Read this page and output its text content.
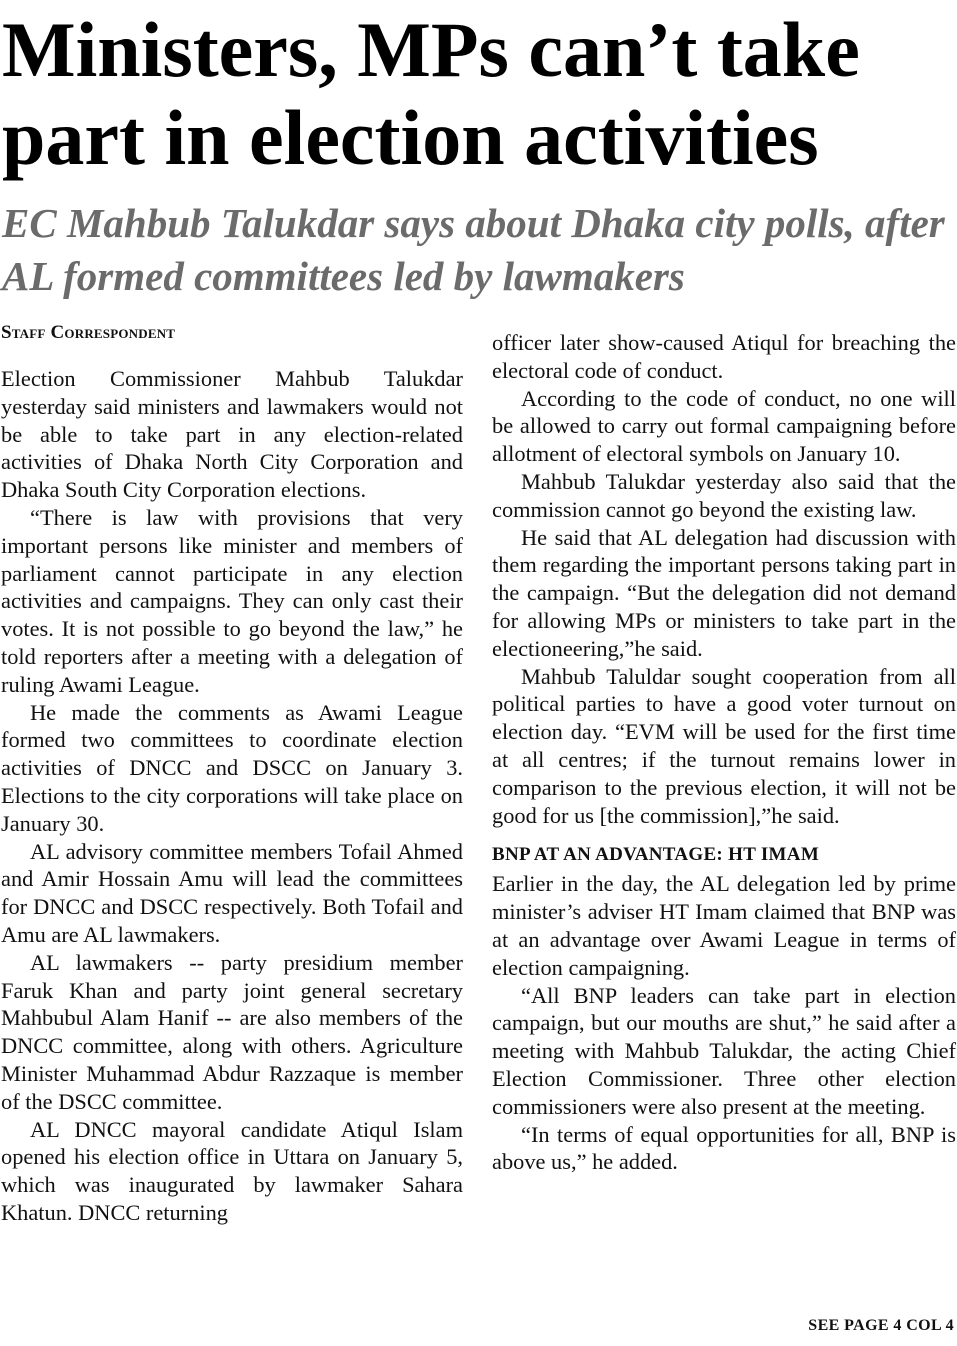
Ministers, MPs can’t take part in election activities
EC Mahbub Talukdar says about Dhaka city polls, after AL formed committees led by lawmakers
Staff Correspondent

Election Commissioner Mahbub Talukdar yesterday said ministers and lawmakers would not be able to take part in any election-related activities of Dhaka North City Corporation and Dhaka South City Corporation elections.

“There is law with provisions that very important persons like minister and members of parliament cannot participate in any election activities and campaigns. They can only cast their votes. It is not possible to go beyond the law,” he told reporters after a meeting with a delegation of ruling Awami League.

He made the comments as Awami League formed two committees to coordinate election activities of DNCC and DSCC on January 3. Elections to the city corporations will take place on January 30.

AL advisory committee members Tofail Ahmed and Amir Hossain Amu will lead the committees for DNCC and DSCC respectively. Both Tofail and Amu are AL lawmakers.

AL lawmakers -- party presidium member Faruk Khan and party joint general secretary Mahbubul Alam Hanif -- are also members of the DNCC committee, along with others. Agriculture Minister Muhammad Abdur Razzaque is member of the DSCC committee.

AL DNCC mayoral candidate Atiqul Islam opened his election office in Uttara on January 5, which was inaugurated by lawmaker Sahara Khatun. DNCC returning

officer later show-caused Atiqul for breaching the electoral code of conduct.

According to the code of conduct, no one will be allowed to carry out formal campaigning before allotment of electoral symbols on January 10.

Mahbub Talukdar yesterday also said that the commission cannot go beyond the existing law.

He said that AL delegation had discussion with them regarding the important persons taking part in the campaign. “But the delegation did not demand for allowing MPs or ministers to take part in the electioneering,”he said.

Mahbub Taluldar sought cooperation from all political parties to have a good voter turnout on election day. “EVM will be used for the first time at all centres; if the turnout remains lower in comparison to the previous election, it will not be good for us [the commission],”he said.

BNP AT AN ADVANTAGE: HT IMAM

Earlier in the day, the AL delegation led by prime minister’s adviser HT Imam claimed that BNP was at an advantage over Awami League in terms of election campaigning.

“All BNP leaders can take part in election campaign, but our mouths are shut,” he said after a meeting with Mahbub Talukdar, the acting Chief Election Commissioner. Three other election commissioners were also present at the meeting.

“In terms of equal opportunities for all, BNP is above us,” he added.

SEE PAGE 4 COL 4
